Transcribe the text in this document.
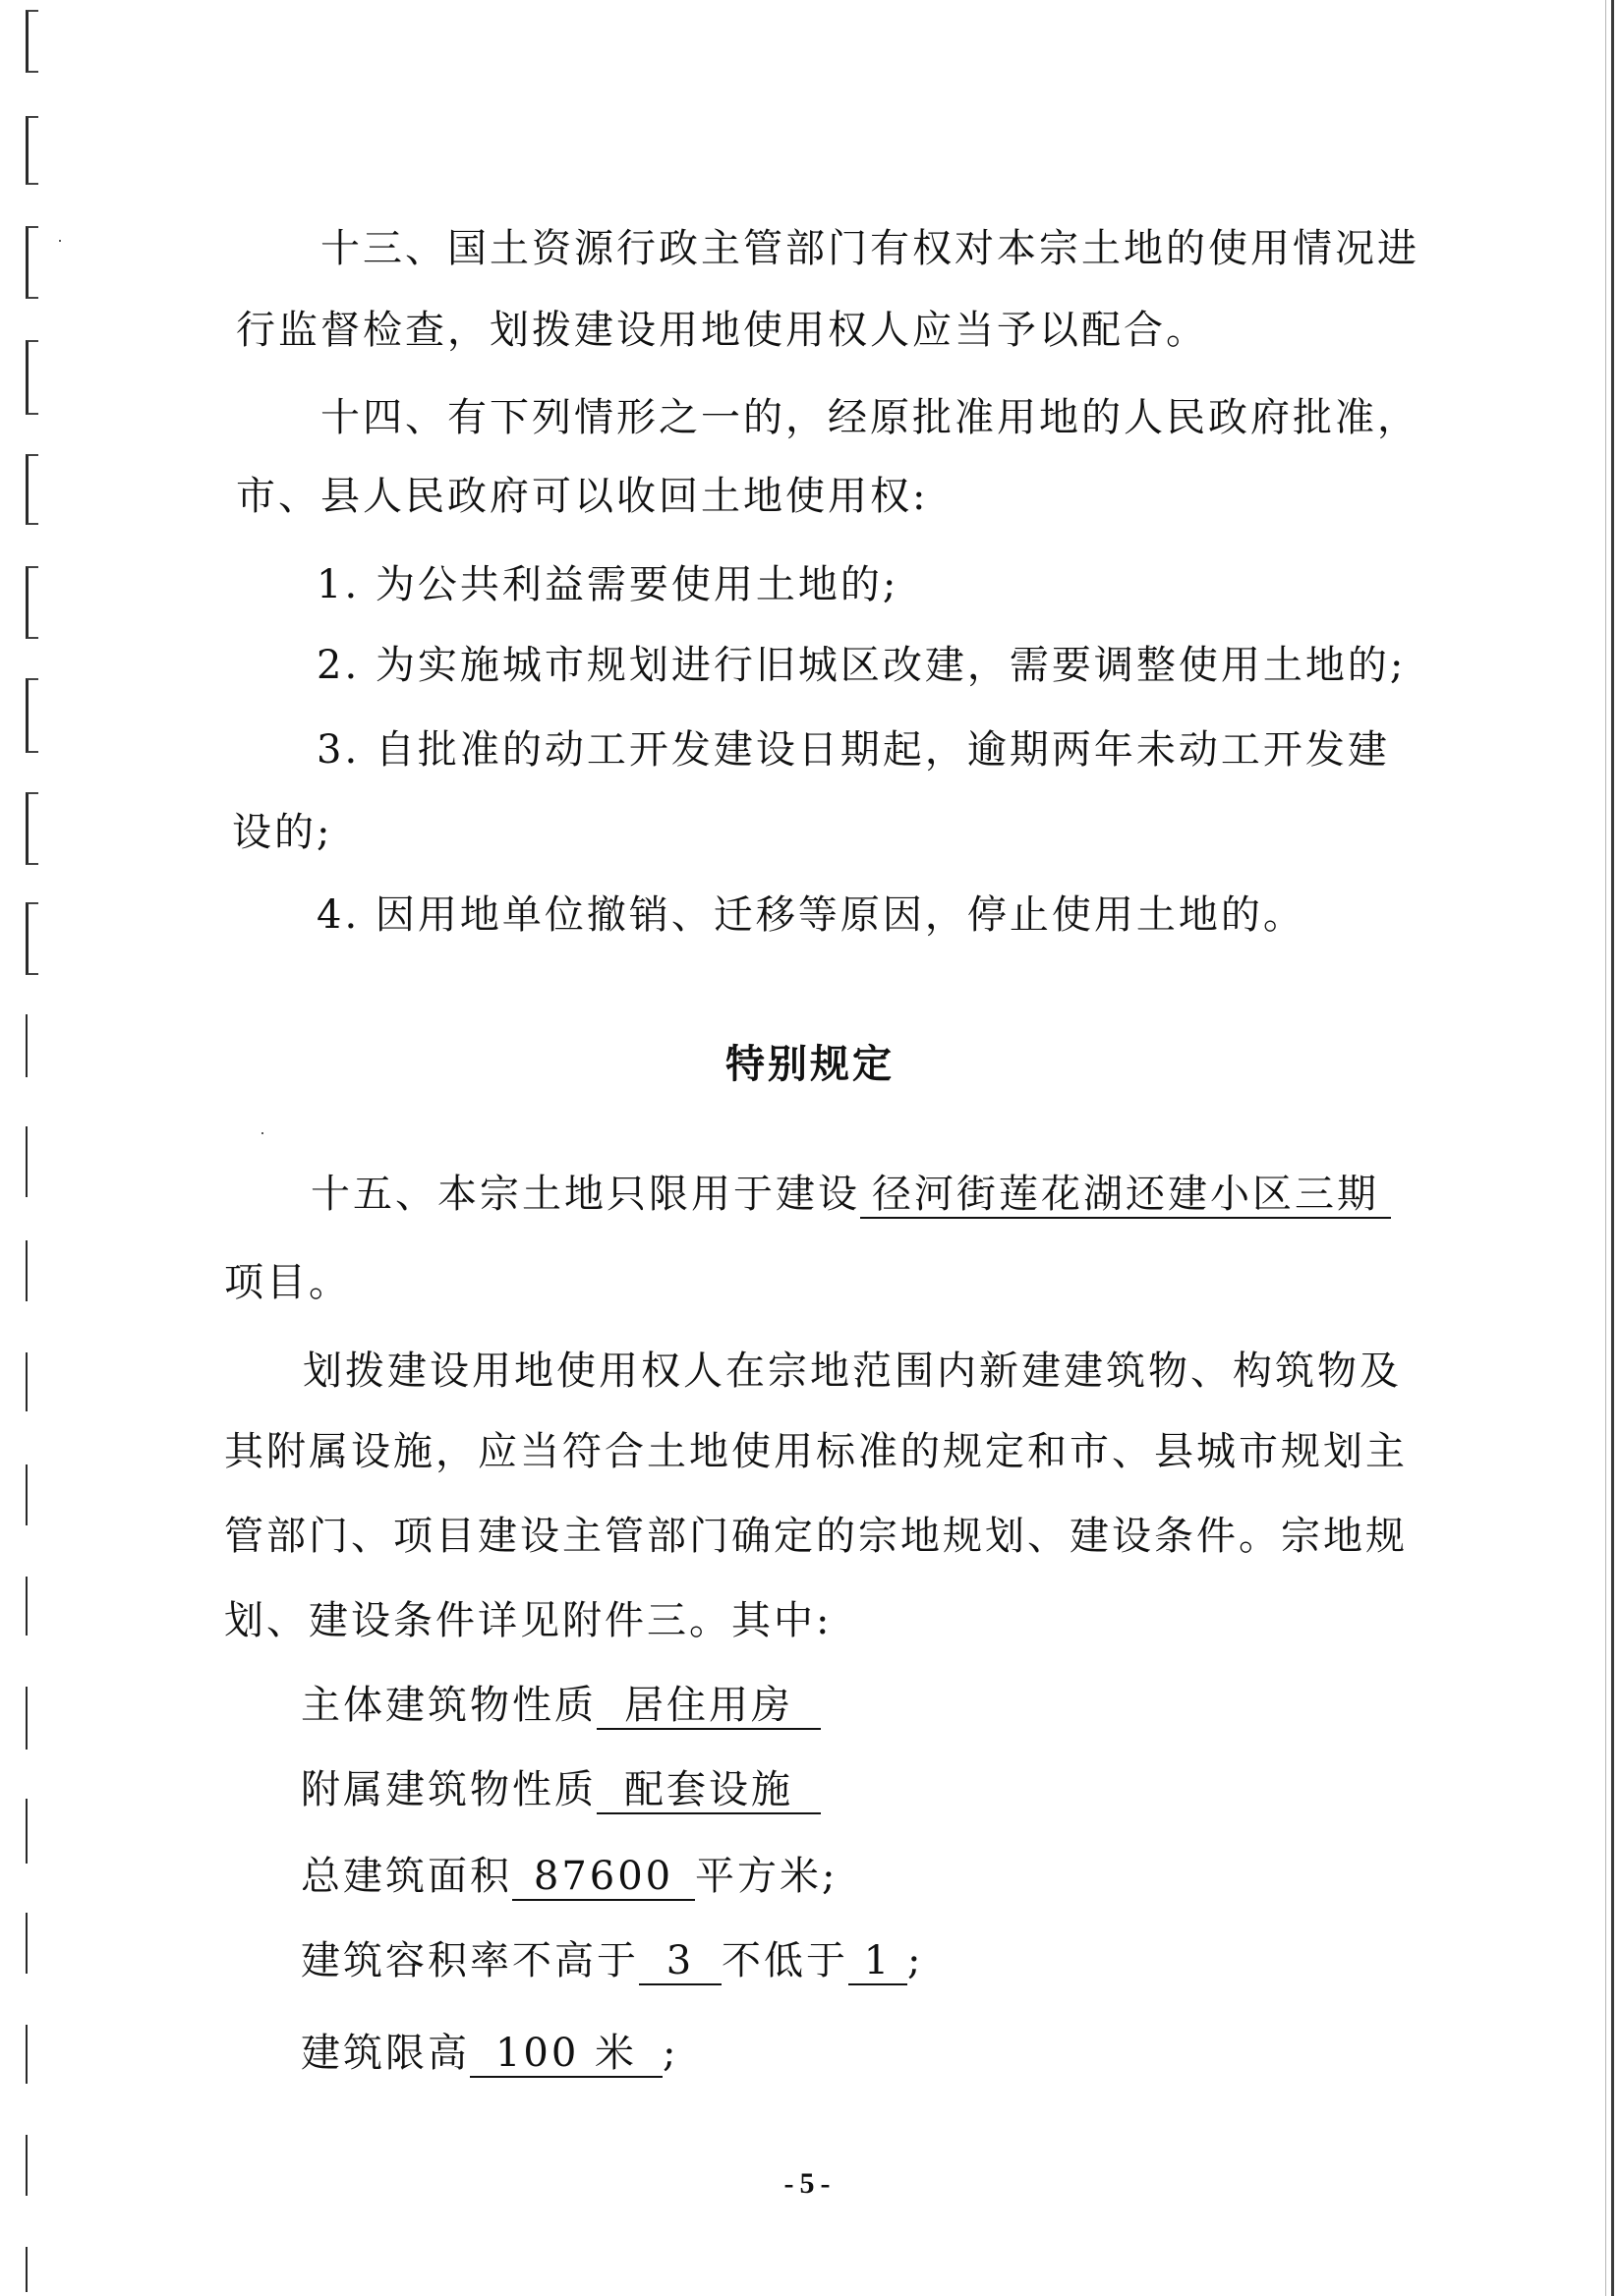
十三、国土资源行政主管部门有权对本宗土地的使用情况进
行监督检查，划拨建设用地使用权人应当予以配合。
十四、有下列情形之一的，经原批准用地的人民政府批准，
市、县人民政府可以收回土地使用权:
1. 为公共利益需要使用土地的;
2. 为实施城市规划进行旧城区改建，需要调整使用土地的;
3. 自批准的动工开发建设日期起，逾期两年未动工开发建
设的;
4. 因用地单位撤销、迁移等原因，停止使用土地的。
特别规定
十五、本宗土地只限用于建设 径河街莲花湖还建小区三期
项目。
划拨建设用地使用权人在宗地范围内新建建筑物、构筑物及
其附属设施，应当符合土地使用标准的规定和市、县城市规划主
管部门、项目建设主管部门确定的宗地规划、建设条件。宗地规
划、建设条件详见附件三。其中:
主体建筑物性质 居住用房
附属建筑物性质 配套设施
总建筑面积 87600 平方米;
建筑容积率不高于 3 不低于 1 ;
建筑限高 100 米 ;
-5-
